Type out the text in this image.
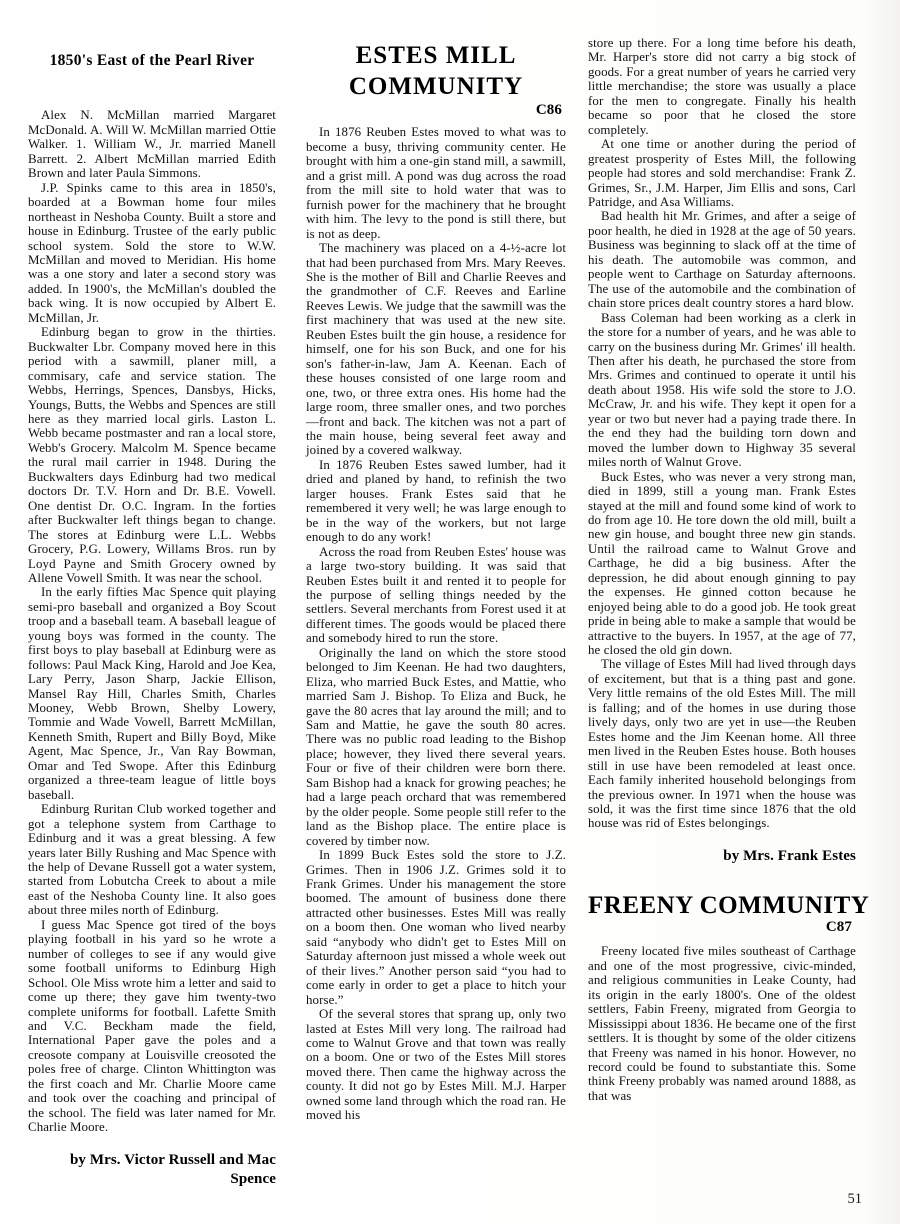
1850's East of the Pearl River

Alex N. McMillan married Margaret McDonald. A. Will W. McMillan married Ottie Walker. 1. William W., Jr. married Manell Barrett. 2. Albert McMillan married Edith Brown and later Paula Simmons.

J.P. Spinks came to this area in 1850's, boarded at a Bowman home four miles northeast in Neshoba County. Built a store and house in Edinburg. Trustee of the early public school system. Sold the store to W.W. McMillan and moved to Meridian. His home was a one story and later a second story was added. In 1900's, the McMillan's doubled the back wing. It is now occupied by Albert E. McMillan, Jr.

Edinburg began to grow in the thirties. Buckwalter Lbr. Company moved here in this period with a sawmill, planer mill, a commisary, cafe and service station. The Webbs, Herrings, Spences, Dansbys, Hicks, Youngs, Butts, the Webbs and Spences are still here as they married local girls. Laston L. Webb became postmaster and ran a local store, Webb's Grocery. Malcolm M. Spence became the rural mail carrier in 1948. During the Buckwalters days Edinburg had two medical doctors Dr. T.V. Horn and Dr. B.E. Vowell. One dentist Dr. O.C. Ingram. In the forties after Buckwalter left things began to change. The stores at Edinburg were L.L. Webbs Grocery, P.G. Lowery, Willams Bros. run by Loyd Payne and Smith Grocery owned by Allene Vowell Smith. It was near the school.

In the early fifties Mac Spence quit playing semi-pro baseball and organized a Boy Scout troop and a baseball team. A baseball league of young boys was formed in the county. The first boys to play baseball at Edinburg were as follows: Paul Mack King, Harold and Joe Kea, Lary Perry, Jason Sharp, Jackie Ellison, Mansel Ray Hill, Charles Smith, Charles Mooney, Webb Brown, Shelby Lowery, Tommie and Wade Vowell, Barrett McMillan, Kenneth Smith, Rupert and Billy Boyd, Mike Agent, Mac Spence, Jr., Van Ray Bowman, Omar and Ted Swope. After this Edinburg organized a three-team league of little boys baseball.

Edinburg Ruritan Club worked together and got a telephone system from Carthage to Edinburg and it was a great blessing. A few years later Billy Rushing and Mac Spence with the help of Devane Russell got a water system, started from Lobutcha Creek to about a mile east of the Neshoba County line. It also goes about three miles north of Edinburg.

I guess Mac Spence got tired of the boys playing football in his yard so he wrote a number of colleges to see if any would give some football uniforms to Edinburg High School. Ole Miss wrote him a letter and said to come up there; they gave him twenty-two complete uniforms for football. Lafette Smith and V.C. Beckham made the field, International Paper gave the poles and a creosote company at Louisville creosoted the poles free of charge. Clinton Whittington was the first coach and Mr. Charlie Moore came and took over the coaching and principal of the school. The field was later named for Mr. Charlie Moore.

by Mrs. Victor Russell and Mac Spence
ESTES MILL
COMMUNITY
C86

In 1876 Reuben Estes moved to what was to become a busy, thriving community center. He brought with him a one-gin stand mill, a sawmill, and a grist mill. A pond was dug across the road from the mill site to hold water that was to furnish power for the machinery that he brought with him. The levy to the pond is still there, but is not as deep.

The machinery was placed on a 4-½-acre lot that had been purchased from Mrs. Mary Reeves. She is the mother of Bill and Charlie Reeves and the grandmother of C.F. Reeves and Earline Reeves Lewis. We judge that the sawmill was the first machinery that was used at the new site. Reuben Estes built the gin house, a residence for himself, one for his son Buck, and one for his son's father-in-law, Jam A. Keenan. Each of these houses consisted of one large room and one, two, or three extra ones. His home had the large room, three smaller ones, and two porches—front and back. The kitchen was not a part of the main house, being several feet away and joined by a covered walkway.

In 1876 Reuben Estes sawed lumber, had it dried and planed by hand, to refinish the two larger houses. Frank Estes said that he remembered it very well; he was large enough to be in the way of the workers, but not large enough to do any work!

Across the road from Reuben Estes' house was a large two-story building. It was said that Reuben Estes built it and rented it to people for the purpose of selling things needed by the settlers. Several merchants from Forest used it at different times. The goods would be placed there and somebody hired to run the store.

Originally the land on which the store stood belonged to Jim Keenan. He had two daughters, Eliza, who married Buck Estes, and Mattie, who married Sam J. Bishop. To Eliza and Buck, he gave the 80 acres that lay around the mill; and to Sam and Mattie, he gave the south 80 acres. There was no public road leading to the Bishop place; however, they lived there several years. Four or five of their children were born there. Sam Bishop had a knack for growing peaches; he had a large peach orchard that was remembered by the older people. Some people still refer to the land as the Bishop place. The entire place is covered by timber now.

In 1899 Buck Estes sold the store to J.Z. Grimes. Then in 1906 J.Z. Grimes sold it to Frank Grimes. Under his management the store boomed. The amount of business done there attracted other businesses. Estes Mill was really on a boom then. One woman who lived nearby said “anybody who didn't get to Estes Mill on Saturday afternoon just missed a whole week out of their lives.” Another person said “you had to come early in order to get a place to hitch your horse.”

Of the several stores that sprang up, only two lasted at Estes Mill very long. The railroad had come to Walnut Grove and that town was really on a boom. One or two of the Estes Mill stores moved there. Then came the highway across the county. It did not go by Estes Mill. M.J. Harper owned some land through which the road ran. He moved his

store up there. For a long time before his death, Mr. Harper's store did not carry a big stock of goods. For a great number of years he carried very little merchandise; the store was usually a place for the men to congregate. Finally his health became so poor that he closed the store completely.

At one time or another during the period of greatest prosperity of Estes Mill, the following people had stores and sold merchandise: Frank Z. Grimes, Sr., J.M. Harper, Jim Ellis and sons, Carl Patridge, and Asa Williams.

Bad health hit Mr. Grimes, and after a seige of poor health, he died in 1928 at the age of 50 years. Business was beginning to slack off at the time of his death. The automobile was common, and people went to Carthage on Saturday afternoons. The use of the automobile and the combination of chain store prices dealt country stores a hard blow.

Bass Coleman had been working as a clerk in the store for a number of years, and he was able to carry on the business during Mr. Grimes' ill health. Then after his death, he purchased the store from Mrs. Grimes and continued to operate it until his death about 1958. His wife sold the store to J.O. McCraw, Jr. and his wife. They kept it open for a year or two but never had a paying trade there. In the end they had the building torn down and moved the lumber down to Highway 35 several miles north of Walnut Grove.

Buck Estes, who was never a very strong man, died in 1899, still a young man. Frank Estes stayed at the mill and found some kind of work to do from age 10. He tore down the old mill, built a new gin house, and bought three new gin stands. Until the railroad came to Walnut Grove and Carthage, he did a big business. After the depression, he did about enough ginning to pay the expenses. He ginned cotton because he enjoyed being able to do a good job. He took great pride in being able to make a sample that would be attractive to the buyers. In 1957, at the age of 77, he closed the old gin down.

The village of Estes Mill had lived through days of excitement, but that is a thing past and gone. Very little remains of the old Estes Mill. The mill is falling; and of the homes in use during those lively days, only two are yet in use—the Reuben Estes home and the Jim Keenan home. All three men lived in the Reuben Estes house. Both houses still in use have been remodeled at least once. Each family inherited household belongings from the previous owner. In 1971 when the house was sold, it was the first time since 1876 that the old house was rid of Estes belongings.

by Mrs. Frank Estes
FREENY COMMUNITY
C87

Freeny located five miles southeast of Carthage and one of the most progressive, civic-minded, and religious communities in Leake County, had its origin in the early 1800's. One of the oldest settlers, Fabin Freeny, migrated from Georgia to Mississippi about 1836. He became one of the first settlers. It is thought by some of the older citizens that Freeny was named in his honor. However, no record could be found to substantiate this. Some think Freeny probably was named around 1888, as that was

51
